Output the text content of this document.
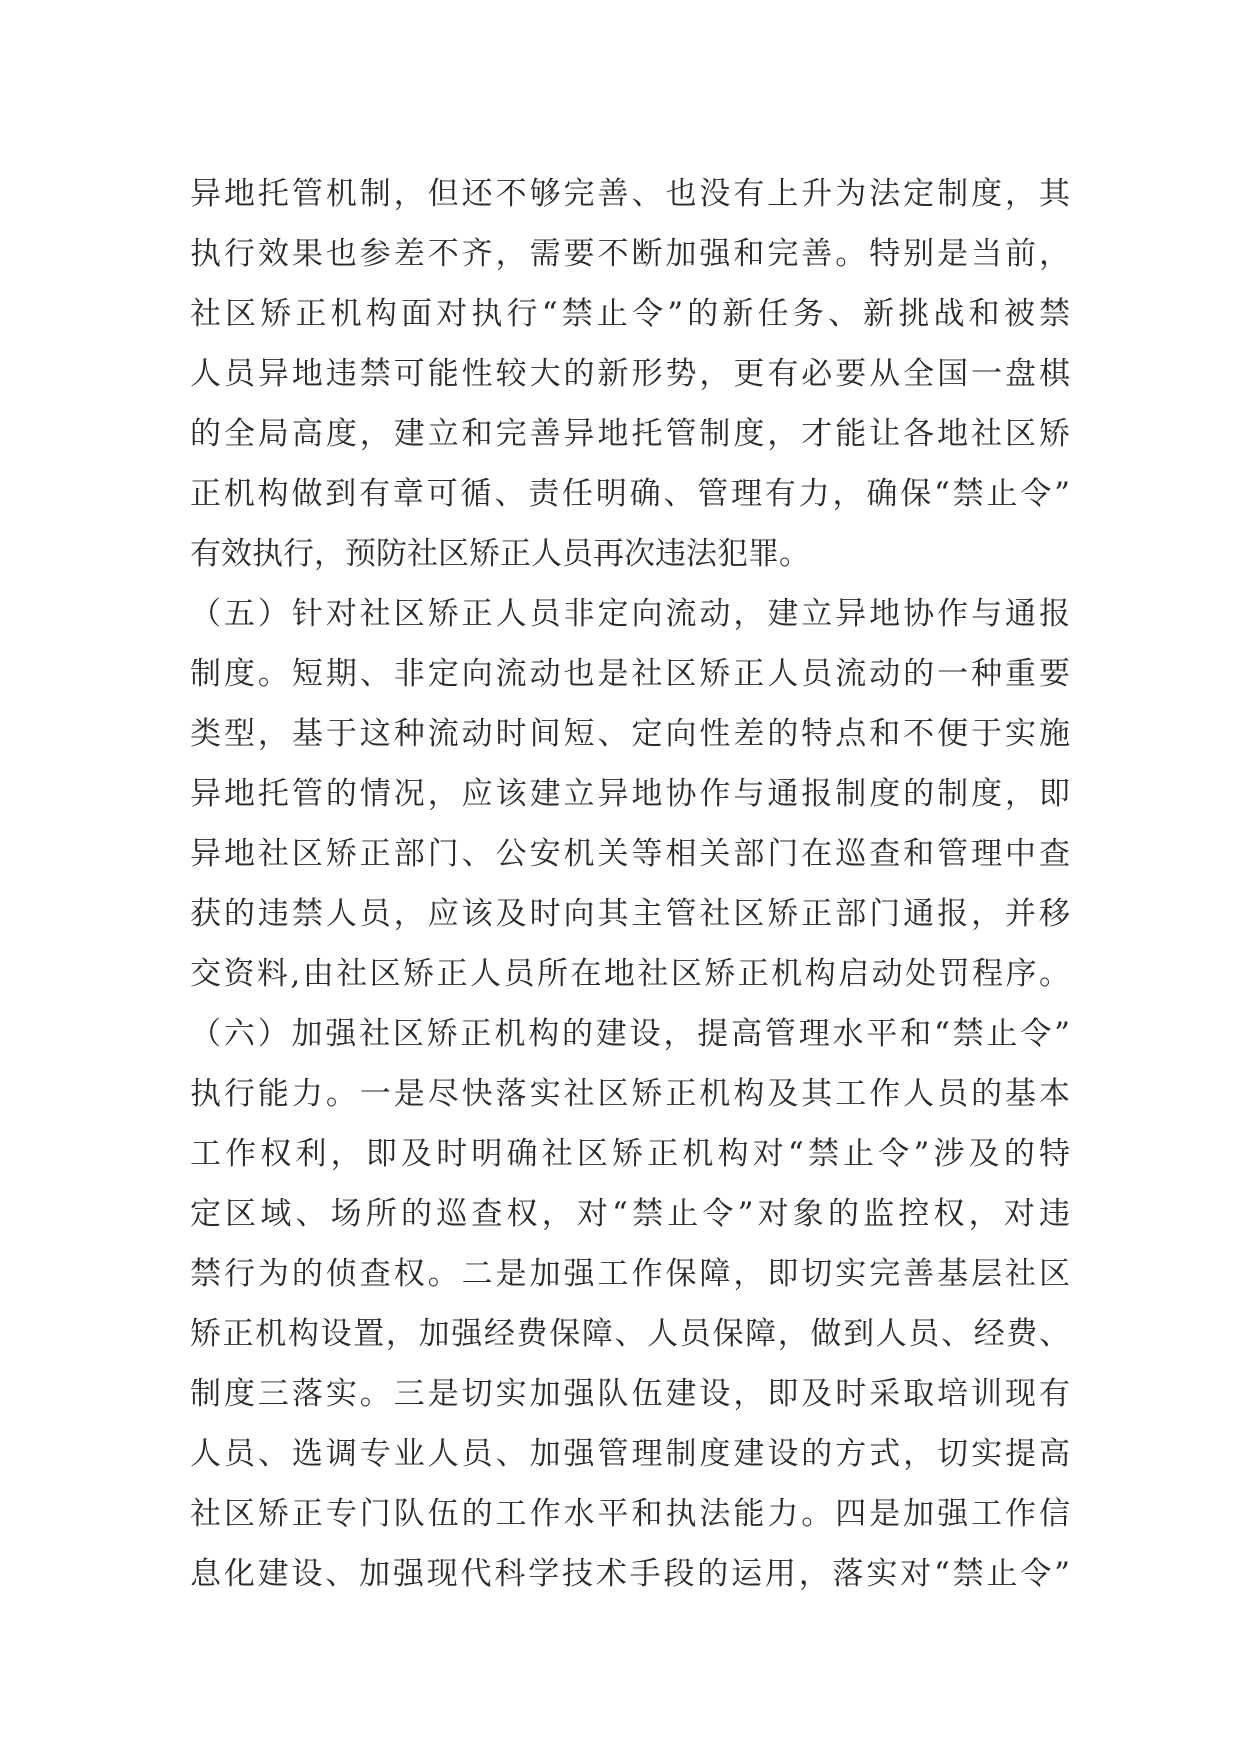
异地托管机制，但还不够完善、也没有上升为法定制度，其
执行效果也参差不齐，需要不断加强和完善。特别是当前，
社区矫正机构面对执行“禁止令”的新任务、新挑战和被禁
人员异地违禁可能性较大的新形势，更有必要从全国一盘棋
的全局高度，建立和完善异地托管制度，才能让各地社区矫
正机构做到有章可循、责任明确、管理有力，确保“禁止令”
有效执行，预防社区矫正人员再次违法犯罪。
（五）针对社区矫正人员非定向流动，建立异地协作与通报
制度。短期、非定向流动也是社区矫正人员流动的一种重要
类型，基于这种流动时间短、定向性差的特点和不便于实施
异地托管的情况，应该建立异地协作与通报制度的制度，即
异地社区矫正部门、公安机关等相关部门在巡查和管理中查
获的违禁人员，应该及时向其主管社区矫正部门通报，并移
交资料,由社区矫正人员所在地社区矫正机构启动处罚程序。
（六）加强社区矫正机构的建设，提高管理水平和“禁止令”
执行能力。一是尽快落实社区矫正机构及其工作人员的基本
工作权利，即及时明确社区矫正机构对“禁止令”涉及的特
定区域、场所的巡查权，对“禁止令”对象的监控权，对违
禁行为的侦查权。二是加强工作保障，即切实完善基层社区
矫正机构设置，加强经费保障、人员保障，做到人员、经费、
制度三落实。三是切实加强队伍建设，即及时采取培训现有
人员、选调专业人员、加强管理制度建设的方式，切实提高
社区矫正专门队伍的工作水平和执法能力。四是加强工作信
息化建设、加强现代科学技术手段的运用，落实对“禁止令”
